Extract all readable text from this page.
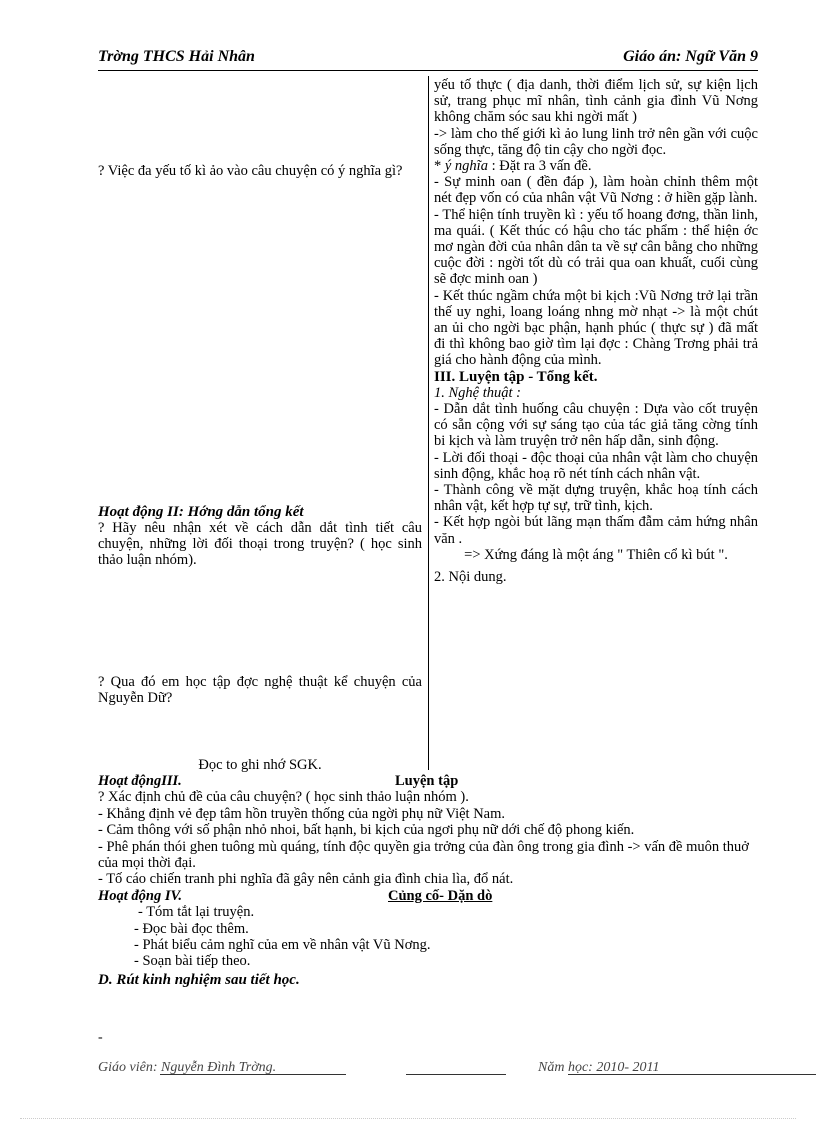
Trờng THCS Hải Nhân	Giáo án: Ngữ Văn 9
yếu tố thực ( địa danh, thời điểm lịch sử, sự kiện lịch sử, trang phục mĩ nhân, tình cảnh gia đình Vũ Nơng không chăm sóc sau khi ngời mất )
-> làm cho thế giới kì ảo lung linh trở nên gần với cuộc sống thực, tăng độ tin cậy cho ngời đọc.
* ý nghĩa : Đặt ra 3 vấn đề.
- Sự minh oan ( đền đáp ), làm hoàn chỉnh thêm một nét đẹp vốn có của nhân vật Vũ Nơng : ở hiền gặp lành.
- Thể hiện tính truyền kì : yếu tố hoang đơng, thần linh, ma quái. ( Kết thúc có hậu cho tác phẩm : thể hiện ớc mơ ngàn đời của nhân dân ta về sự cân bằng cho những cuộc đời : ngời tốt dù có trải qua oan khuất, cuối cùng sẽ đợc minh oan )
- Kết thúc ngầm chứa một bi kịch :Vũ Nơng trở lại trần thế uy nghi, loang loáng nhng mờ nhạt -> là một chút an ủi cho ngời bạc phận, hạnh phúc ( thực sự ) đã mất đi thì không bao giờ tìm lại đợc : Chàng Trơng phải trả giá cho hành động của mình.
III. Luyện tập - Tổng kết.
1. Nghệ thuật :
- Dẫn dắt tình huống câu chuyện : Dựa vào cốt truyện có sẵn cộng với sự sáng tạo của tác giả tăng cờng tính bi kịch và làm truyện trở nên hấp dẫn, sinh động.
- Lời đối thoại - độc thoại của nhân vật làm cho chuyện sinh động, khắc hoạ rõ nét tính cách nhân vật.
- Thành công về mặt dựng truyện, khắc hoạ tính cách nhân vật, kết hợp tự sự, trữ tình, kịch.
- Kết hợp ngòi bút lãng mạn thấm đẫm cảm hứng nhân văn .
=> Xứng đáng là một áng " Thiên cổ kì bút ".
2. Nội dung.
? Việc đa yếu tố kì ảo vào câu chuyện có ý nghĩa gì?
Hoạt động II: Hớng dẫn tổng kết
? Hãy nêu nhận xét về cách dẫn dắt tình tiết câu chuyện, những lời đối thoại trong truyện? ( học sinh thảo luận nhóm).
? Qua đó em học tập đợc nghệ thuật kể chuyện của Nguyễn Dữ?
Đọc to ghi nhớ SGK.
Hoạt độngIII.	Luyện tập
? Xác định chủ đề của câu chuyện? ( học sinh thảo luận nhóm ).
- Khẳng định vẻ đẹp tâm hồn truyền thống của ngời phụ nữ Việt Nam.
- Cảm thông với số phận nhỏ nhoi, bất hạnh, bi kịch của ngơi phụ nữ dới chế độ phong kiến.
- Phê phán thói ghen tuông mù quáng, tính độc quyền gia trởng của đàn ông trong gia đình -> vấn đề muôn thuở của mọi thời đại.
- Tố cáo chiến tranh phi nghĩa đã gây nên cảnh gia đình chia lìa, đổ nát.
Hoạt động IV.	Củng cố- Dặn dò
- Tóm tắt lại truyện.
- Đọc bài đọc thêm.
- Phát biểu cảm nghĩ của em về nhân vật Vũ Nơng.
- Soạn bài tiếp theo.
D. Rút kinh nghiệm sau tiết học.
-
Giáo viên: Nguyễn Đình Trờng.	Năm học: 2010- 2011
